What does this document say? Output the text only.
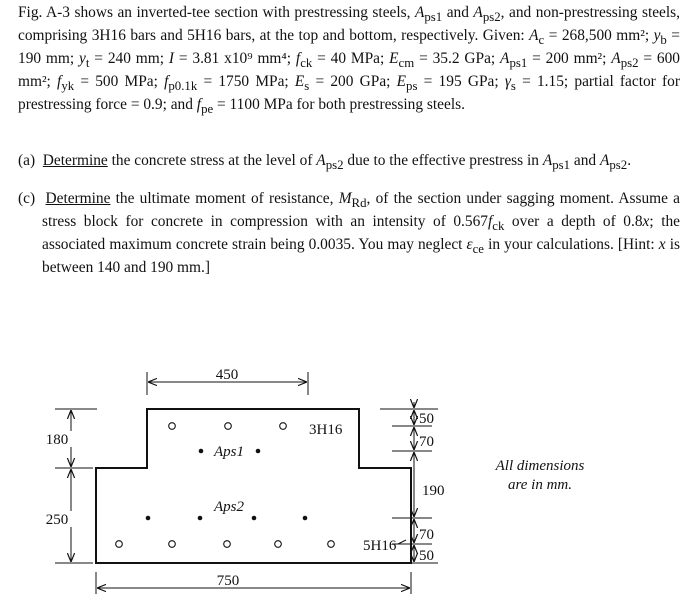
Fig. A-3 shows an inverted-tee section with prestressing steels, $A_{ps1}$ and $A_{ps2}$, and non-prestressing steels, comprising 3H16 bars and 5H16 bars, at the top and bottom, respectively. Given: $A_c = 268,500$ mm²; $y_b = 190$ mm; $y_t = 240$ mm; I = 3.81 x10⁹ mm⁴; $f_{ck} = 40$ MPa; $E_{cm} = 35.2$ GPa; $A_{ps1} = 200$ mm²; $A_{ps2} = 600$ mm²; $f_{yk} = 500$ MPa; $f_{p0.1k} = 1750$ MPa; $E_s = 200$ GPa; $E_{ps} = 195$ GPa; $\gamma_s = 1.15$; partial factor for prestressing force = 0.9; and $f_{pe} = 1100$ MPa for both prestressing steels.
(a) Determine the concrete stress at the level of $A_{ps2}$ due to the effective prestress in $A_{ps1}$ and $A_{ps2}$.
(c) Determine the ultimate moment of resistance, $M_{Rd}$, of the section under sagging moment. Assume a stress block for concrete in compression with an intensity of $0.567f_{ck}$ over a depth of 0.8x; the associated maximum concrete strain being 0.0035. You may neglect $\varepsilon_{ce}$ in your calculations. [Hint: x is between 140 and 190 mm.]
450
750
180
250
3H16
Aps1
Aps2
5H16
50
70
190
70
50
All dimensions
are in mm.
